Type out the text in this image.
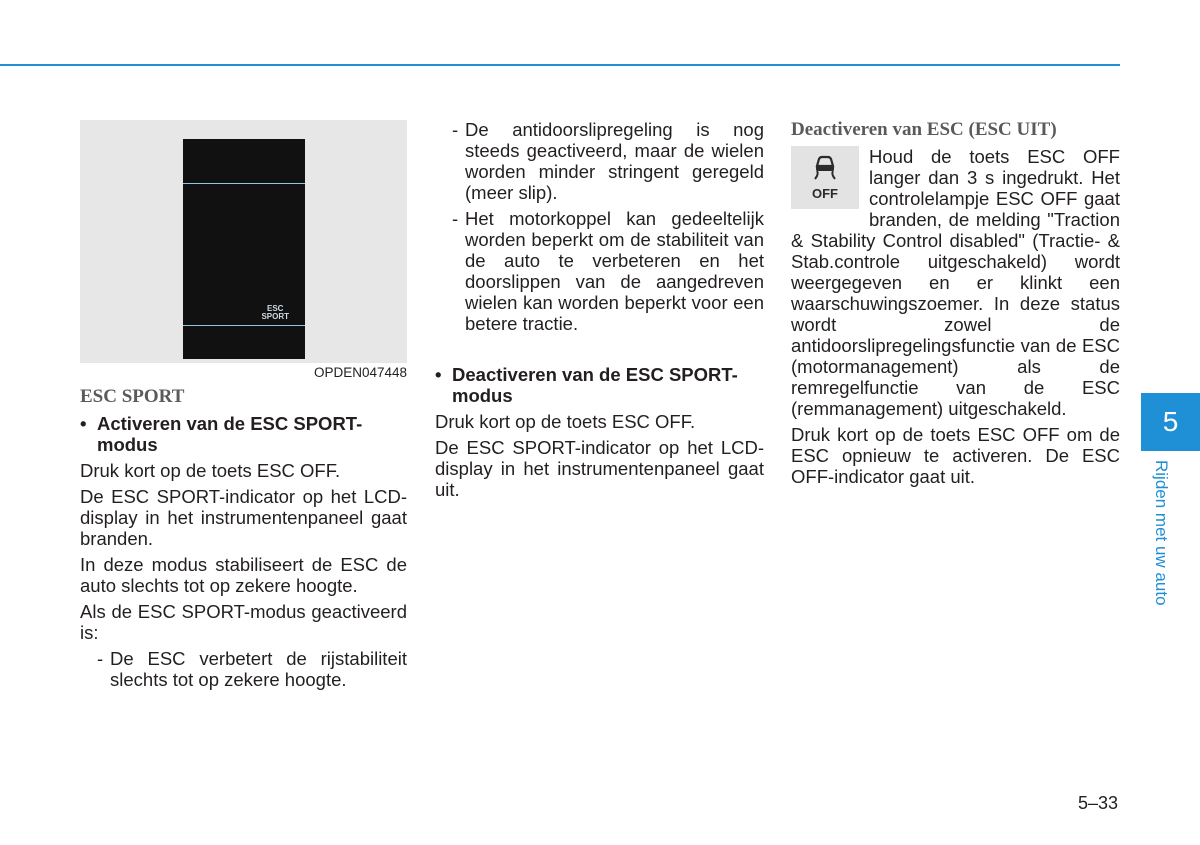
ESC
SPORT
OPDEN047448
ESC SPORT
• Activeren van de ESC SPORT-modus

Druk kort op de toets ESC OFF.

De ESC SPORT-indicator op het LCD-display in het instrumentenpaneel gaat branden.

In deze modus stabiliseert de ESC de auto slechts tot op zekere hoogte.

Als de ESC SPORT-modus geactiveerd is:

- De ESC verbetert de rijstabiliteit slechts tot op zekere hoogte.
- De antidoorslipregeling is nog steeds geactiveerd, maar de wielen worden minder stringent geregeld (meer slip).
- Het motorkoppel kan gedeeltelijk worden beperkt om de stabiliteit van de auto te verbeteren en het doorslippen van de aangedreven wielen kan worden beperkt voor een betere tractie.
• Deactiveren van de ESC SPORT-modus

Druk kort op de toets ESC OFF.

De ESC SPORT-indicator op het LCD-display in het instrumentenpaneel gaat uit.

Deactiveren van ESC (ESC UIT)
OFF

Houd de toets ESC OFF langer dan 3 s ingedrukt. Het controlelampje ESC OFF gaat branden, de melding "Traction & Stability Control disabled" (Tractie- & Stab.controle uitgeschakeld) wordt weergegeven en er klinkt een waarschuwingszoemer. In deze status wordt zowel de antidoorslipregelingsfunctie van de ESC (motormanagement) als de remregelfunctie van de ESC (remmanagement) uitgeschakeld.

Druk kort op de toets ESC OFF om de ESC opnieuw te activeren. De ESC OFF-indicator gaat uit.

5
Rijden met uw auto
5–33
